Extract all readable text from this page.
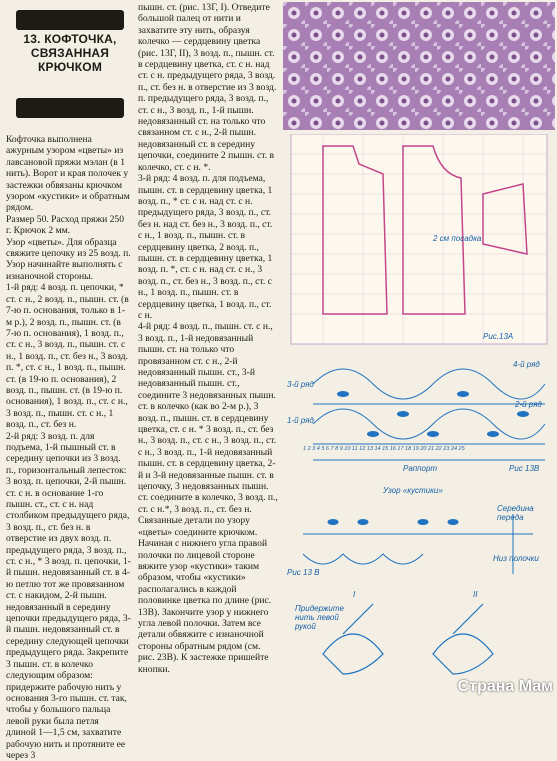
13. КОФТОЧКА, СВЯЗАННАЯ КРЮЧКОМ

Кофточка выполнена ажурным узором «цветы» из лавсановой пряжи мэлан (в 1 нить). Ворот и края полочек у застежки обвязаны крючком узором «кустики» и обратным рядом.

Размер 50. Расход пряжи 250 г. Крючок 2 мм.

Узор «цветы». Для образца свяжите цепочку из 25 возд. п. Узор начинайте выполнять с изнаночной стороны.

1-й ряд: 4 возд. п. цепочки, * ст. с н., 2 возд. п., пышн. ст. (в 7-ю п. основания, только в 1-м р.), 2 возд. п., пышн. ст. (в 7-ю п. основания), 1 возд. п., ст. с н., 3 возд. п., пышн. ст. с н., 1 возд. п., ст. без н., 3 возд. п. *, ст. с н., 1 возд. п., пышн. ст. (в 19-ю п. основания), 2 возд. п., пышн. ст. (в 19-ю п. основания), 1 возд. п., ст. с н., 3 возд. п., пышн. ст. с н., 1 возд. п., ст. без н.

2-й ряд: 3 возд. п. для подъема, 1-й пышный ст. в середину цепочки из 3 возд. п., горизонтальный лепесток: 3 возд. п. цепочки, 2-й пышн. ст. с н. в основание 1-го пышн. ст., ст. с н. над столбиком предыдущего ряда, 3 возд. п., ст. без н. в отверстие из двух возд. п. предыдущего ряда, 3 возд. п., ст. с н., * 3 возд. п. цепочки, 1-й пышн. недовязанный ст. в 4-ю петлю тот же провязанном ст. с накидом, 2-й пышн. недовязанный в середину цепочки предыдущего ряда, 3-й пышн. недовязанный ст. в середину следующей цепочки предыдущего ряда. Закрепите 3 пышн. ст. в колечко следующим образом: придержите рабочую нить у основания 3-го пышн. ст. так, чтобы у большого пальца левой руки была петля длиной 1—1,5 см, захватите рабочую нить и протяните ее через 3

пышн. ст. (рис. 13Г, I). Отведите большой палец от нити и захватите эту нить, образуя колечко — сердцевину цветка (рис. 13Г, II), 3 возд. п., пышн. ст. в сердцевину цветка, ст. с н. над ст. с н. предыдущего ряда, 3 возд. п., ст. без н. в отверстие из 3 возд. п. предыдущего ряда, 3 возд. п., ст. с н., 3 возд. п., 1-й пышн. недовязанный ст. на только что связанном ст. с н., 2-й пышн. недовязанный ст. в середину цепочки, соедините 2 пышн. ст. в колечко, ст. с н. *.

3-й ряд: 4 возд. п. для подъема, пышн. ст. в сердцевину цветка, 1 возд. п., * ст. с н. над ст. с н. предыдущего ряда, 3 возд. п., ст. без н. над ст. без н., 3 возд. п., ст. с н., 1 возд. п., пышн. ст. в сердцевину цветка, 2 возд. п., пышн. ст. в сердцевину цветка, 1 возд. п. *, ст. с н. над ст. с н., 3 возд. п., ст. без н., 3 возд. п., ст. с н., 1 возд. п., пышн. ст. в сердцевину цветка, 1 возд. п., ст. с н.

4-й ряд: 4 возд. п., пышн. ст. с н., 3 возд. п., 1-й недовязанный пышн. ст. на только что провязанном ст. с н., 2-й недовязанный пышн. ст., 3-й недовязанный пышн. ст., соедините 3 недовязанных пышн. ст. в колечко (как во 2-м р.), 3 возд. п., пышн. ст. в сердцевину цветка, ст. с н. * 3 возд. п., ст. без н., 3 возд. п., ст. с н., 3 возд. п., ст. с н., 3 возд. п., 1-й недовязанный пышн. ст. в сердцевину цветка, 2-й и 3-й недовязанные пышн. ст. в цепочку, 3 недовязанных пышн. ст. соедините в колечко, 3 возд. п., ст. с н.*, 3 возд. п., ст. без н.

Связанные детали по узору «цветы» соедините крючком. Начиная с нижнего угла правой полочки по лицевой стороне вяжите узор «кустики» таким образом, чтобы «кустики» располагались в каждой половинке цветка по длине (рис. 13В). Закончите узор у нижнего угла левой полочки. Затем все детали обвяжите с изнаночной стороны обратным рядом (см. рис. 23В). К застежке пришейте кнопки.

Рис.13А
2 см посадка
3-й ряд
4-й ряд
2-й ряд
1-й ряд
1 2 3 4 5 6 7 8 9 10 11 12 13 14 15 16 17 18 19 20 21 22 23 24 25
Раппорт	Рис 13В
Узор «кустики»
Середина переда
Рис 13 В
Низ полочки
Придержите нить левой рукой
I	II
Страна Мам
